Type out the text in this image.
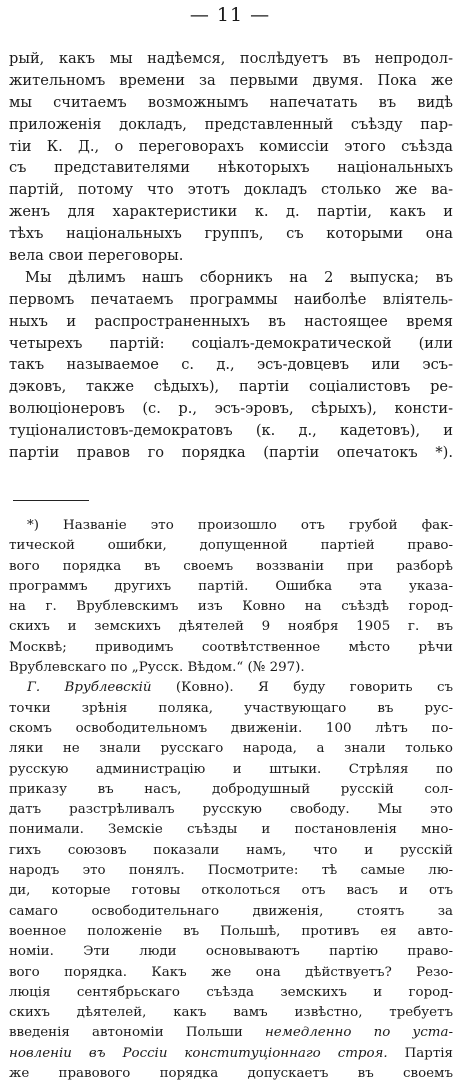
— 11 —
рый, какъ мы надѣемся, послѣдуетъ въ непродол-
жительномъ времени за первыми двумя. Пока же
мы считаемъ возможнымъ напечатать въ видѣ
приложенія докладъ, представленный съѣзду пар-
тіи К. Д., о переговорахъ комиссіи этого съѣзда
съ представителями нѣкоторыхъ національныхъ
партій, потому что этотъ докладъ столько же ва-
женъ для характеристики к. д. партіи, какъ и
тѣхъ національныхъ группъ, съ которыми она
вела свои переговоры.
Мы дѣлимъ нашъ сборникъ на 2 выпуска; въ
первомъ печатаемъ программы наиболѣе вліятель-
ныхъ и распространенныхъ въ настоящее время
четырехъ партій: соціалъ-демократической (или
такъ называемое с. д., эсъ-довцевъ или эсъ-
дэковъ, также сѣдыхъ), партіи соціалистовъ ре-
волюціонеровъ (с. р., эсъ-эровъ, сѣрыхъ), консти-
туціоналистовъ-демократовъ (к. д., кадетовъ), и
партіи правов го порядка (партіи опечатокъ *).
*) Названіе это произошло отъ грубой фак-
тической ошибки, допущенной партіей право-
вого порядка въ своемъ воззваніи при разборѣ
программъ другихъ партій. Ошибка эта указа-
на г. Врублевскимъ изъ Ковно на съѣздѣ город-
скихъ и земскихъ дѣятелей 9 ноября 1905 г. въ
Москвѣ; приводимъ соотвѣтственное мѣсто рѣчи
Врублевскаго по „Русск. Вѣдом.“ (№ 297).
Г. Врублевскій (Ковно). Я буду говорить съ
точки зрѣнія поляка, участвующаго въ рус-
скомъ освободительномъ движеніи. 100 лѣтъ по-
ляки не знали русскаго народа, а знали только
русскую администрацію и штыки. Стрѣляя по
приказу въ насъ, добродушный русскій сол-
датъ разстрѣливалъ русскую свободу. Мы это
понимали. Земскіе съѣзды и постановленія мно-
гихъ союзовъ показали намъ, что и русскій
народъ это понялъ. Посмотрите: тѣ самые лю-
ди, которые готовы отколоться отъ васъ и отъ
самаго освободительнаго движенія, стоятъ за
военное положеніе въ Польшѣ, противъ ея авто-
номіи. Эти люди основываютъ партію право-
вого порядка. Какъ же она дѣйствуетъ? Резо-
люція сентябрьскаго съѣзда земскихъ и город-
скихъ дѣятелей, какъ вамъ извѣстно, требуетъ
введенія автономіи Польши немедленно по уста-
новленіи въ Россіи конституціоннаго строя. Партія
же правового порядка допускаетъ въ своемъ
